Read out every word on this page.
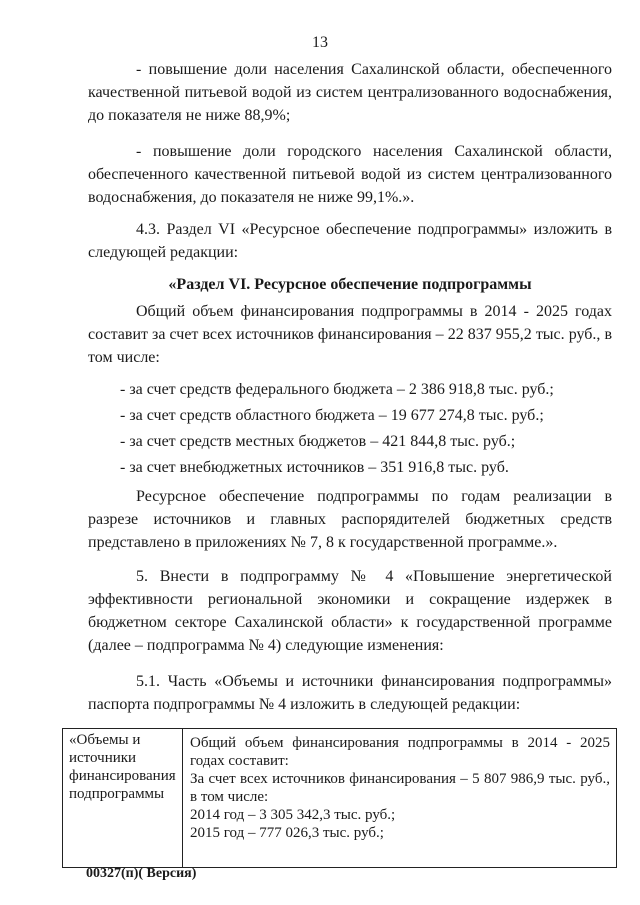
13
- повышение доли населения Сахалинской области, обеспеченного качественной питьевой водой из систем централизованного водоснабжения, до показателя не ниже 88,9%;
- повышение доли городского населения Сахалинской области, обеспеченного качественной питьевой водой из систем централизованного водоснабжения, до показателя не ниже 99,1%.».
4.3. Раздел VI «Ресурсное обеспечение подпрограммы» изложить в следующей редакции:
«Раздел VI. Ресурсное обеспечение подпрограммы
Общий объем финансирования подпрограммы в 2014 - 2025 годах составит за счет всех источников финансирования – 22 837 955,2 тыс. руб., в том числе:
- за счет средств федерального бюджета – 2 386 918,8 тыс. руб.;
- за счет средств областного бюджета – 19 677 274,8 тыс. руб.;
- за счет средств местных бюджетов – 421 844,8 тыс. руб.;
- за счет внебюджетных источников – 351 916,8 тыс. руб.
Ресурсное обеспечение подпрограммы по годам реализации в разрезе источников и главных распорядителей бюджетных средств представлено в приложениях № 7, 8 к государственной программе.».
5. Внести в подпрограмму № 4 «Повышение энергетической эффективности региональной экономики и сокращение издержек в бюджетном секторе Сахалинской области» к государственной программе (далее – подпрограмма № 4) следующие изменения:
5.1. Часть «Объемы и источники финансирования подпрограммы» паспорта подпрограммы № 4 изложить в следующей редакции:
«Объемы и источники финансирования подпрограммы
Общий объем финансирования подпрограммы в 2014 - 2025 годах составит:
За счет всех источников финансирования – 5 807 986,9 тыс. руб., в том числе:
2014 год – 3 305 342,3 тыс. руб.;
2015 год – 777 026,3 тыс. руб.;
00327(п)( Версия)
